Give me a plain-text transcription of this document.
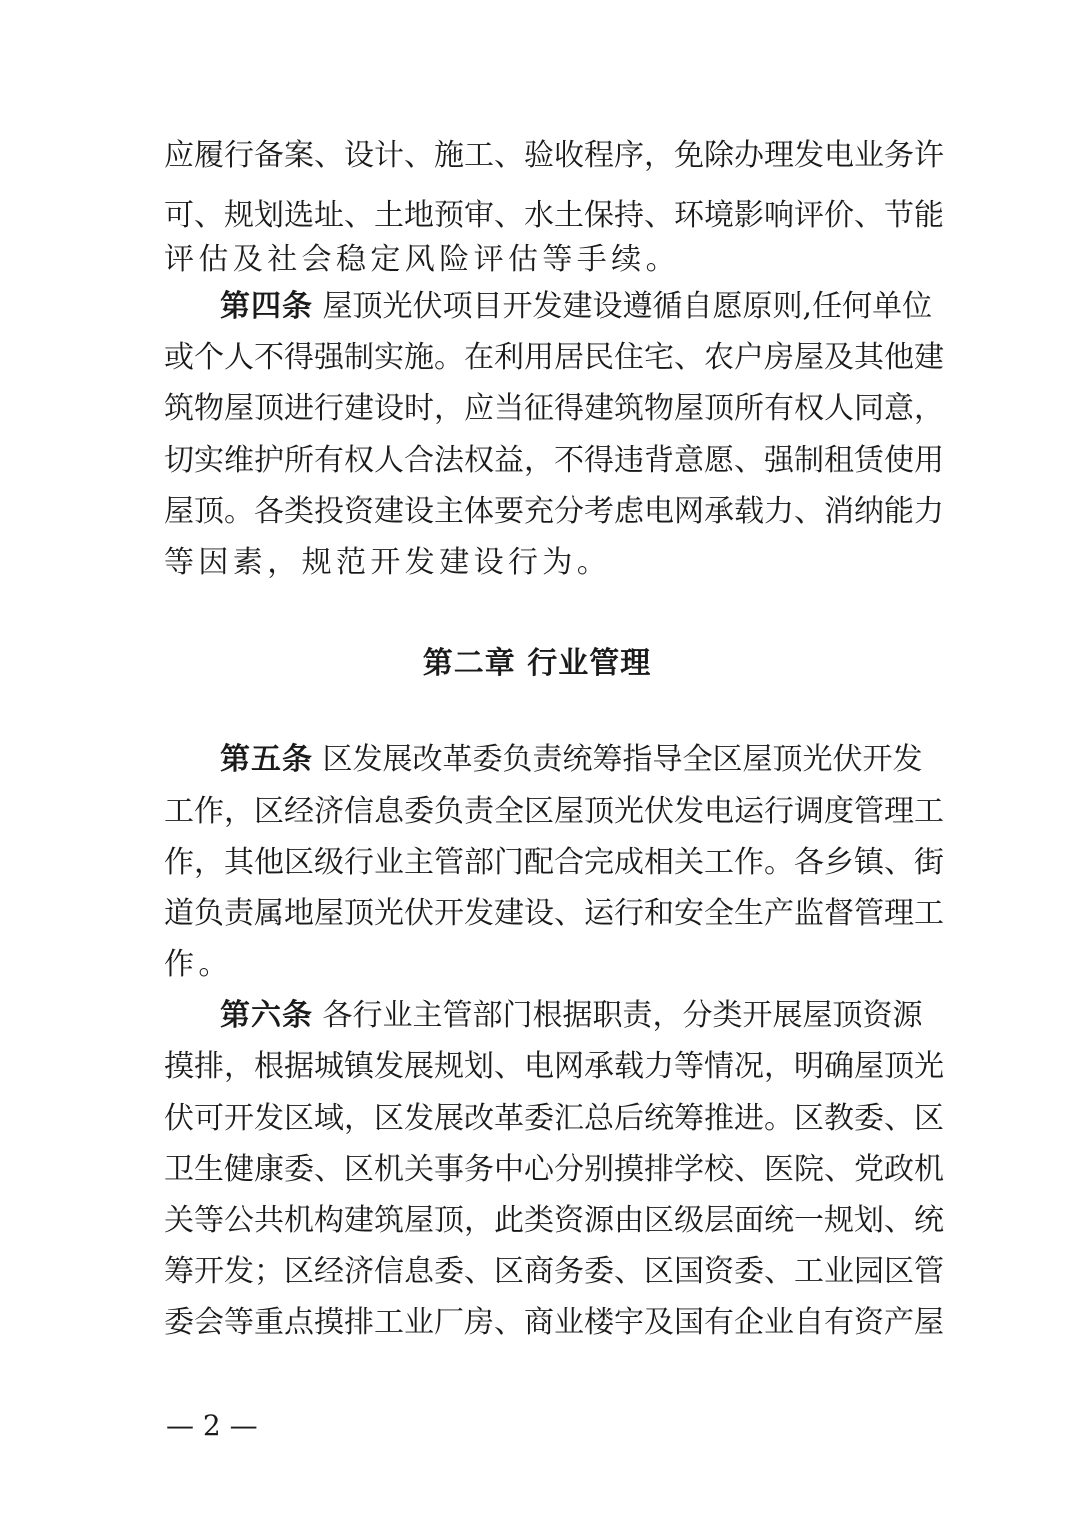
应履行备案、设计、施工、验收程序，免除办理发电业务许
可、规划选址、土地预审、水土保持、环境影响评价、节能
评估及社会稳定风险评估等手续。
第四条 屋顶光伏项目开发建设遵循自愿原则,任何单位
或个人不得强制实施。在利用居民住宅、农户房屋及其他建
筑物屋顶进行建设时，应当征得建筑物屋顶所有权人同意，
切实维护所有权人合法权益，不得违背意愿、强制租赁使用
屋顶。各类投资建设主体要充分考虑电网承载力、消纳能力
等因素，规范开发建设行为。
第二章 行业管理
第五条 区发展改革委负责统筹指导全区屋顶光伏开发
工作，区经济信息委负责全区屋顶光伏发电运行调度管理工
作，其他区级行业主管部门配合完成相关工作。各乡镇、街
道负责属地屋顶光伏开发建设、运行和安全生产监督管理工
作。
第六条 各行业主管部门根据职责，分类开展屋顶资源
摸排，根据城镇发展规划、电网承载力等情况，明确屋顶光
伏可开发区域，区发展改革委汇总后统筹推进。区教委、区
卫生健康委、区机关事务中心分别摸排学校、医院、党政机
关等公共机构建筑屋顶，此类资源由区级层面统一规划、统
筹开发；区经济信息委、区商务委、区国资委、工业园区管
委会等重点摸排工业厂房、商业楼宇及国有企业自有资产屋
— 2 —
